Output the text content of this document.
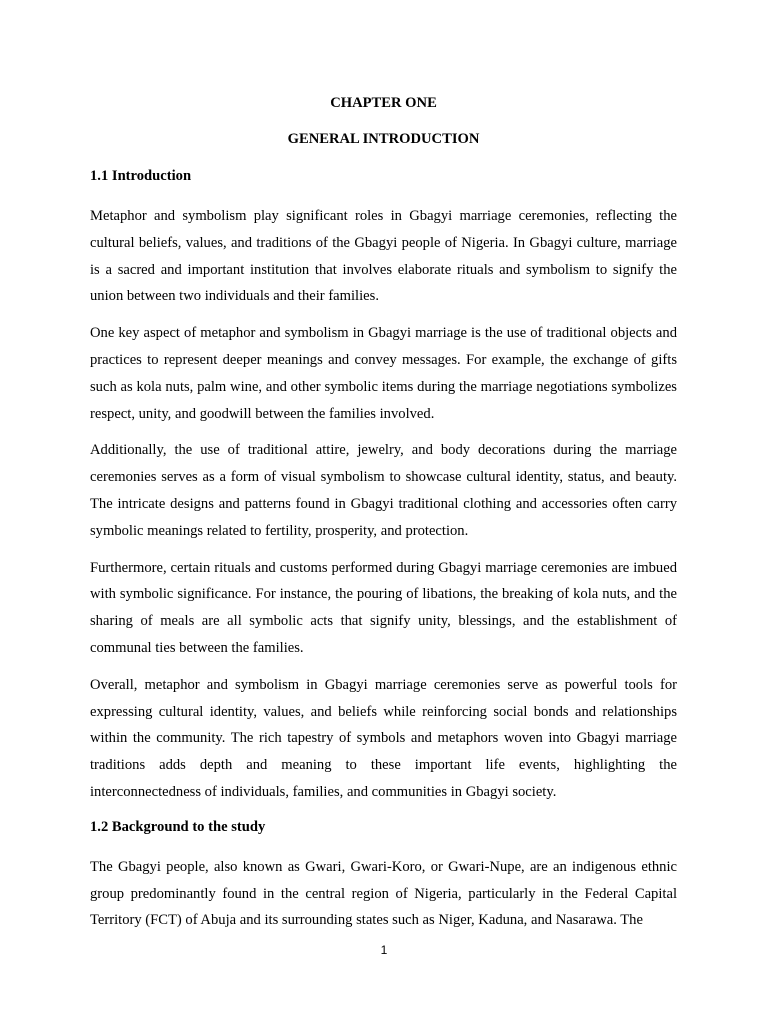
CHAPTER ONE
GENERAL INTRODUCTION
1.1 Introduction

Metaphor and symbolism play significant roles in Gbagyi marriage ceremonies, reflecting the cultural beliefs, values, and traditions of the Gbagyi people of Nigeria. In Gbagyi culture, marriage is a sacred and important institution that involves elaborate rituals and symbolism to signify the union between two individuals and their families.

One key aspect of metaphor and symbolism in Gbagyi marriage is the use of traditional objects and practices to represent deeper meanings and convey messages. For example, the exchange of gifts such as kola nuts, palm wine, and other symbolic items during the marriage negotiations symbolizes respect, unity, and goodwill between the families involved.

Additionally, the use of traditional attire, jewelry, and body decorations during the marriage ceremonies serves as a form of visual symbolism to showcase cultural identity, status, and beauty. The intricate designs and patterns found in Gbagyi traditional clothing and accessories often carry symbolic meanings related to fertility, prosperity, and protection.

Furthermore, certain rituals and customs performed during Gbagyi marriage ceremonies are imbued with symbolic significance. For instance, the pouring of libations, the breaking of kola nuts, and the sharing of meals are all symbolic acts that signify unity, blessings, and the establishment of communal ties between the families.

Overall, metaphor and symbolism in Gbagyi marriage ceremonies serve as powerful tools for expressing cultural identity, values, and beliefs while reinforcing social bonds and relationships within the community. The rich tapestry of symbols and metaphors woven into Gbagyi marriage traditions adds depth and meaning to these important life events, highlighting the interconnectedness of individuals, families, and communities in Gbagyi society.

1.2 Background to the study

The Gbagyi people, also known as Gwari, Gwari-Koro, or Gwari-Nupe, are an indigenous ethnic group predominantly found in the central region of Nigeria, particularly in the Federal Capital Territory (FCT) of Abuja and its surrounding states such as Niger, Kaduna, and Nasarawa. The

1
